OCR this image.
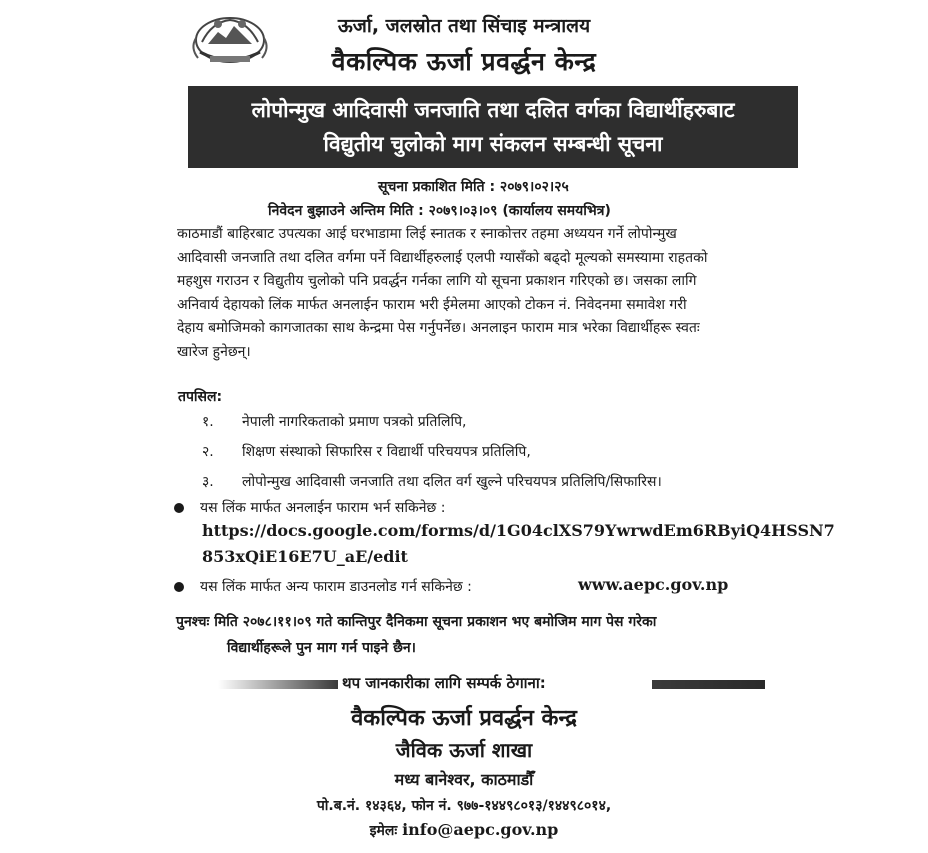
ऊर्जा, जलस्रोत तथा सिंचाइ मन्त्रालय
वैकल्पिक ऊर्जा प्रवर्द्धन केन्द्र
लोपोन्मुख आदिवासी जनजाति तथा दलित वर्गका विद्यार्थीहरुबाट
विद्युतीय चुलोको माग संकलन सम्बन्धी सूचना
सूचना प्रकाशित मिति : २०७९।०२।२५
निवेदन बुझाउने अन्तिम मिति : २०७९।०३।०९ (कार्यालय समयभित्र)
काठमाडौं बाहिरबाट उपत्यका आई घरभाडामा लिई स्नातक र स्नाकोत्तर तहमा अध्ययन गर्ने लोपोन्मुख
आदिवासी जनजाति तथा दलित वर्गमा पर्ने विद्यार्थीहरुलाई एलपी ग्यासँको बढ्दो मूल्यको समस्यामा राहतको
महशुस गराउन र विद्युतीय चुलोको पनि प्रवर्द्धन गर्नका लागि यो सूचना प्रकाशन गरिएको छ। जसका लागि
अनिवार्य देहायको लिंक मार्फत अनलाईन फाराम भरी ईमेलमा आएको टोकन नं. निवेदनमा समावेश गरी
देहाय बमोजिमको कागजातका साथ केन्द्रमा पेस गर्नुपर्नेछ। अनलाइन फाराम मात्र भरेका विद्यार्थीहरू स्वतः
खारेज हुनेछन्।
तपसिल:
१. नेपाली नागरिकताको प्रमाण पत्रको प्रतिलिपि,
२. शिक्षण संस्थाको सिफारिस र विद्यार्थी परिचयपत्र प्रतिलिपि,
३. लोपोन्मुख आदिवासी जनजाति तथा दलित वर्ग खुल्ने परिचयपत्र प्रतिलिपि/सिफारिस।
यस लिंक मार्फत अनलाईन फाराम भर्न सकिनेछ :
https://docs.google.com/forms/d/1G04clXS79YwrwdEm6RByiQ4HSSN7
853xQiE16E7U_aE/edit
यस लिंक मार्फत अन्य फाराम डाउनलोड गर्न सकिनेछ :	www.aepc.gov.np
पुनश्चः मिति २०७८।११।०९ गते कान्तिपुर दैनिकमा सूचना प्रकाशन भए बमोजिम माग पेस गरेका
विद्यार्थीहरूले पुन माग गर्न पाइने छैन।
थप जानकारीका लागि सम्पर्क ठेगाना:
वैकल्पिक ऊर्जा प्रवर्द्धन केन्द्र
जैविक ऊर्जा शाखा
मध्य बानेश्वर, काठमाडौँ
पो.ब.नं. १४३६४, फोन नं. ९७७-१४४९८०१३/१४४९८०१४,
इमेलः info@aepc.gov.np
